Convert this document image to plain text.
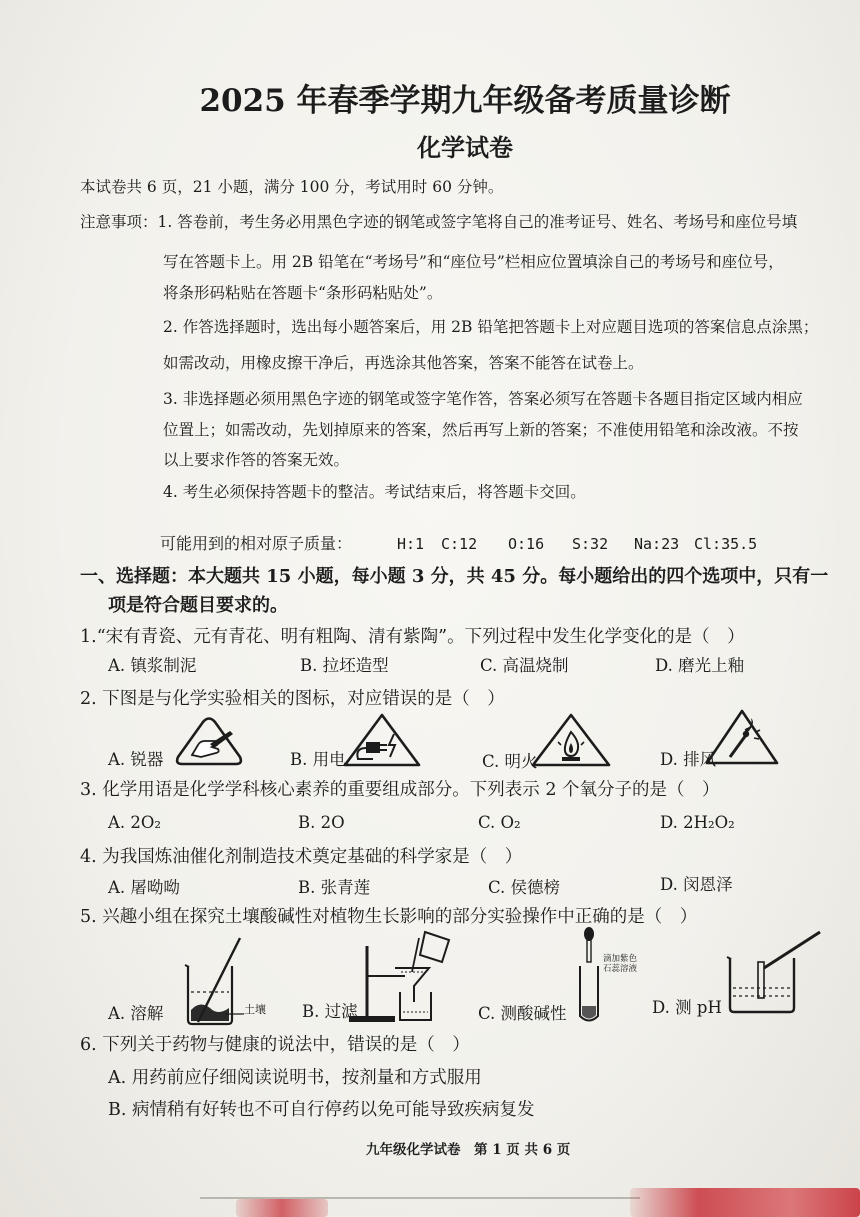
2025 年春季学期九年级备考质量诊断
化学试卷
本试卷共 6 页，21 小题，满分 100 分，考试用时 60 分钟。
注意事项：1. 答卷前，考生务必用黑色字迹的钢笔或签字笔将自己的准考证号、姓名、考场号和座位号填
写在答题卡上。用 2B 铅笔在“考场号”和“座位号”栏相应位置填涂自己的考场号和座位号，
将条形码粘贴在答题卡“条形码粘贴处”。
2. 作答选择题时，选出每小题答案后，用 2B 铅笔把答题卡上对应题目选项的答案信息点涂黑；
如需改动，用橡皮擦干净后，再选涂其他答案，答案不能答在试卷上。
3. 非选择题必须用黑色字迹的钢笔或签字笔作答，答案必须写在答题卡各题目指定区域内相应
位置上；如需改动，先划掉原来的答案，然后再写上新的答案；不准使用铅笔和涂改液。不按
以上要求作答的答案无效。
4. 考生必须保持答题卡的整洁。考试结束后，将答题卡交回。
可能用到的相对原子质量：	H:1 C:12 O:16 S:32 Na:23 Cl:35.5
一、选择题：本大题共 15 小题，每小题 3 分，共 45 分。每小题给出的四个选项中，只有一
项是符合题目要求的。
1.“宋有青瓷、元有青花、明有粗陶、清有紫陶”。下列过程中发生化学变化的是（　）
A. 镇浆制泥	B. 拉坯造型	C. 高温烧制	D. 磨光上釉
2. 下图是与化学实验相关的图标，对应错误的是（　）
A. 锐器	B. 用电	C. 明火	D. 排风
3. 化学用语是化学学科核心素养的重要组成部分。下列表示 2 个氧分子的是（　）
A. 2O₂	B. 2O	C. O₂	D. 2H₂O₂
4. 为我国炼油催化剂制造技术奠定基础的科学家是（　）
A. 屠呦呦	B. 张青莲	C. 侯德榜	D. 闵恩泽
5. 兴趣小组在探究土壤酸碱性对植物生长影响的部分实验操作中正确的是（　）
土壤
滴加紫色石蕊溶液
A. 溶解	B. 过滤	C. 测酸碱性	D. 测 pH
6. 下列关于药物与健康的说法中，错误的是（　）
A. 用药前应仔细阅读说明书，按剂量和方式服用
B. 病情稍有好转也不可自行停药以免可能导致疾病复发
九年级化学试卷　第 1 页 共 6 页
